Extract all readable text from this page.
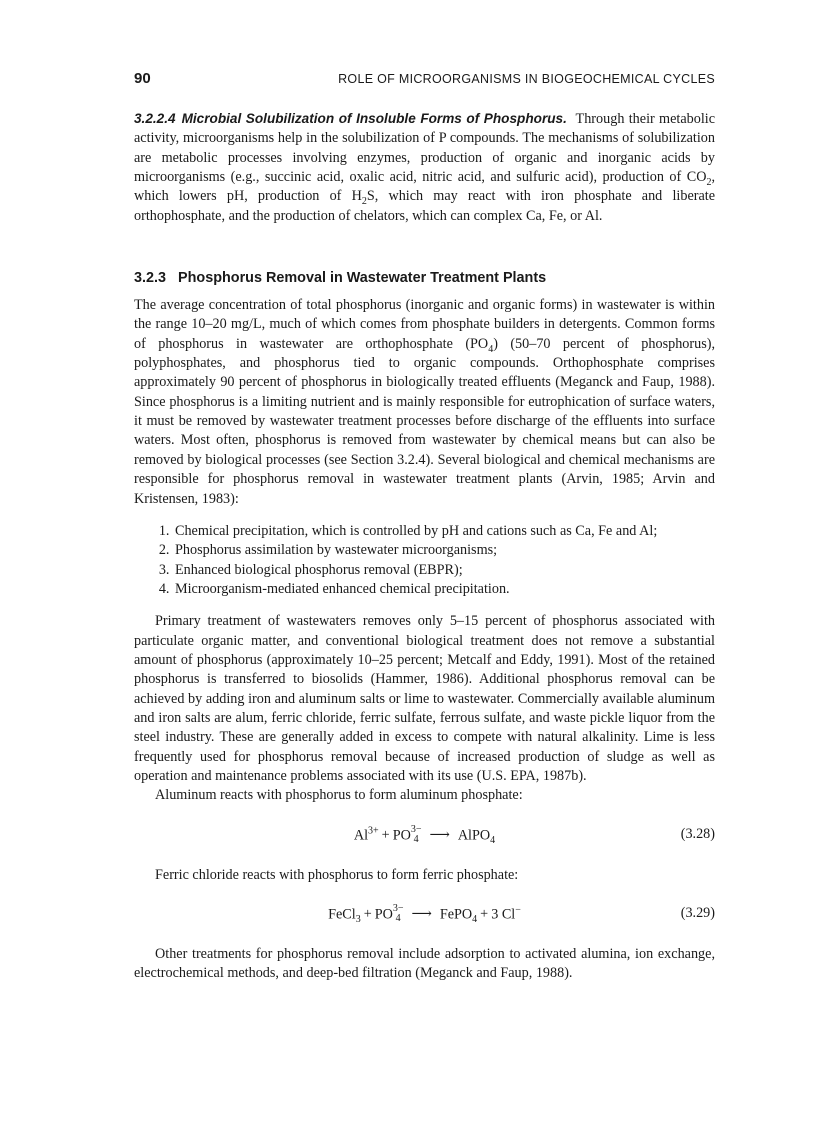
90	ROLE OF MICROORGANISMS IN BIOGEOCHEMICAL CYCLES

3.2.2.4 Microbial Solubilization of Insoluble Forms of Phosphorus. Through their metabolic activity, microorganisms help in the solubilization of P compounds. The mechanisms of solubilization are metabolic processes involving enzymes, production of organic and inorganic acids by microorganisms (e.g., succinic acid, oxalic acid, nitric acid, and sulfuric acid), production of $CO_2$, which lowers pH, production of $H_2S$, which may react with iron phosphate and liberate orthophosphate, and the production of chelators, which can complex Ca, Fe, or Al.

3.2.3 Phosphorus Removal in Wastewater Treatment Plants

The average concentration of total phosphorus (inorganic and organic forms) in wastewater is within the range 10–20 mg/L, much of which comes from phosphate builders in detergents. Common forms of phosphorus in wastewater are orthophosphate $(PO_4)$ (50–70 percent of phosphorus), polyphosphates, and phosphorus tied to organic compounds. Orthophosphate comprises approximately 90 percent of phosphorus in biologically treated effluents (Meganck and Faup, 1988). Since phosphorus is a limiting nutrient and is mainly responsible for eutrophication of surface waters, it must be removed by wastewater treatment processes before discharge of the effluents into surface waters. Most often, phosphorus is removed from wastewater by chemical means but can also be removed by biological processes (see Section 3.2.4). Several biological and chemical mechanisms are responsible for phosphorus removal in wastewater treatment plants (Arvin, 1985; Arvin and Kristensen, 1983):

1. Chemical precipitation, which is controlled by pH and cations such as Ca, Fe and Al;
2. Phosphorus assimilation by wastewater microorganisms;
3. Enhanced biological phosphorus removal (EBPR);
4. Microorganism-mediated enhanced chemical precipitation.

Primary treatment of wastewaters removes only 5–15 percent of phosphorus associated with particulate organic matter, and conventional biological treatment does not remove a substantial amount of phosphorus (approximately 10–25 percent; Metcalf and Eddy, 1991). Most of the retained phosphorus is transferred to biosolids (Hammer, 1986). Additional phosphorus removal can be achieved by adding iron and aluminum salts or lime to wastewater. Commercially available aluminum and iron salts are alum, ferric chloride, ferric sulfate, ferrous sulfate, and waste pickle liquor from the steel industry. These are generally added in excess to compete with natural alkalinity. Lime is less frequently used for phosphorus removal because of increased production of sludge as well as operation and maintenance problems associated with its use (U.S. EPA, 1987b).

Aluminum reacts with phosphorus to form aluminum phosphate:

$Al^{3+}$ + PO 3−
4 ⟶ AlPO$_4$	(3.28)

Ferric chloride reacts with phosphorus to form ferric phosphate:

FeCl$_3$ + PO 3−
4 ⟶ FePO$_4$ + 3 Cl−	(3.29)

Other treatments for phosphorus removal include adsorption to activated alumina, ion exchange, electrochemical methods, and deep-bed filtration (Meganck and Faup, 1988).
